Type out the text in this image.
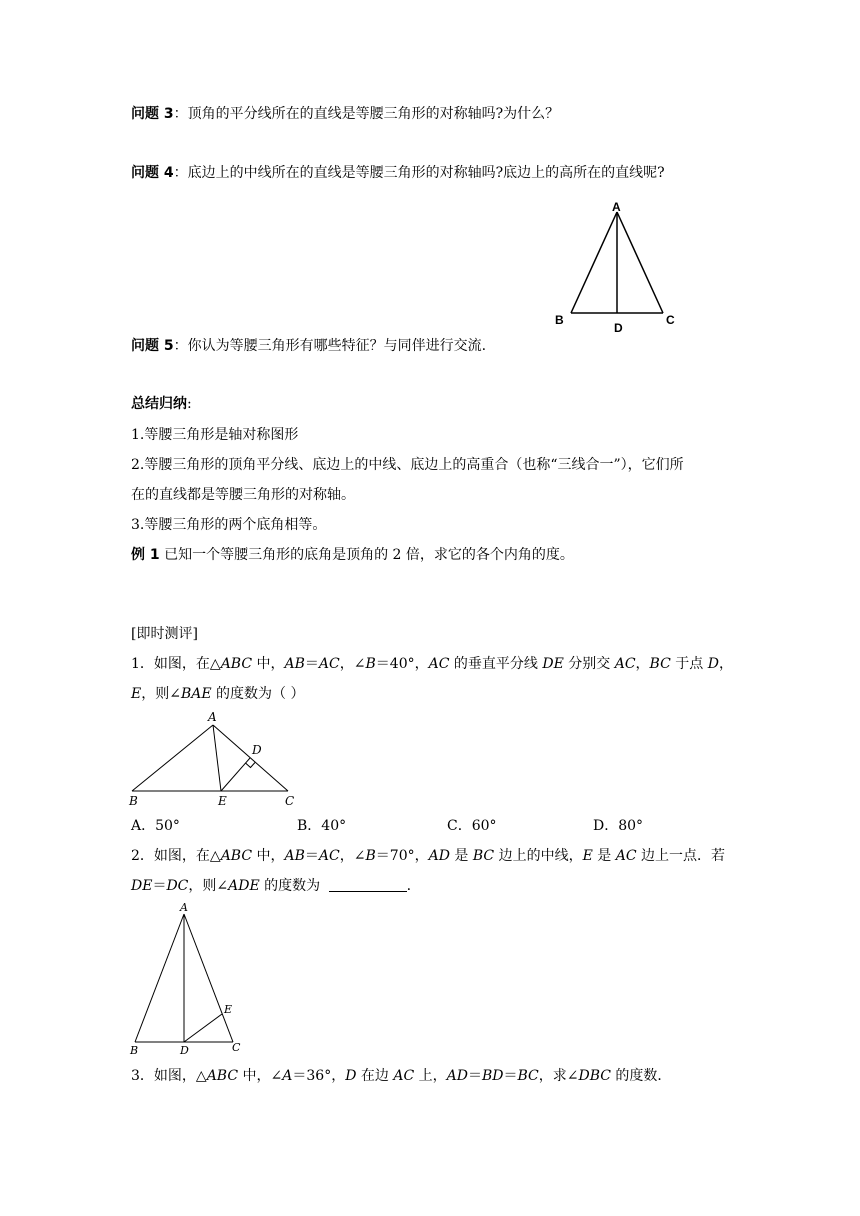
问题 3：顶角的平分线所在的直线是等腰三角形的对称轴吗?为什么？
问题 4：底边上的中线所在的直线是等腰三角形的对称轴吗?底边上的高所在的直线呢?
A
B
D
C
问题 5：你认为等腰三角形有哪些特征？与同伴进行交流.
总结归纳:
1.等腰三角形是轴对称图形
2.等腰三角形的顶角平分线、底边上的中线、底边上的高重合（也称“三线合一”），它们所
在的直线都是等腰三角形的对称轴。
3.等腰三角形的两个底角相等。
例 1 已知一个等腰三角形的底角是顶角的 2 倍，求它的各个内角的度。
[即时测评]
1．如图，在△ABC 中，AB＝AC，∠B＝40°，AC 的垂直平分线 DE 分别交 AC，BC 于点 D，
E，则∠BAE 的度数为（ ）
A
D
B	E	C
A．50°	B．40°	C．60°	D．80°
2．如图，在△ABC 中，AB＝AC，∠B＝70°，AD 是 BC 边上的中线，E 是 AC 边上一点．若
DE＝DC，则∠ADE 的度数为	.
A
E
B	D	C
3．如图，△ABC 中，∠A＝36°，D 在边 AC 上，AD＝BD＝BC，求∠DBC 的度数．
